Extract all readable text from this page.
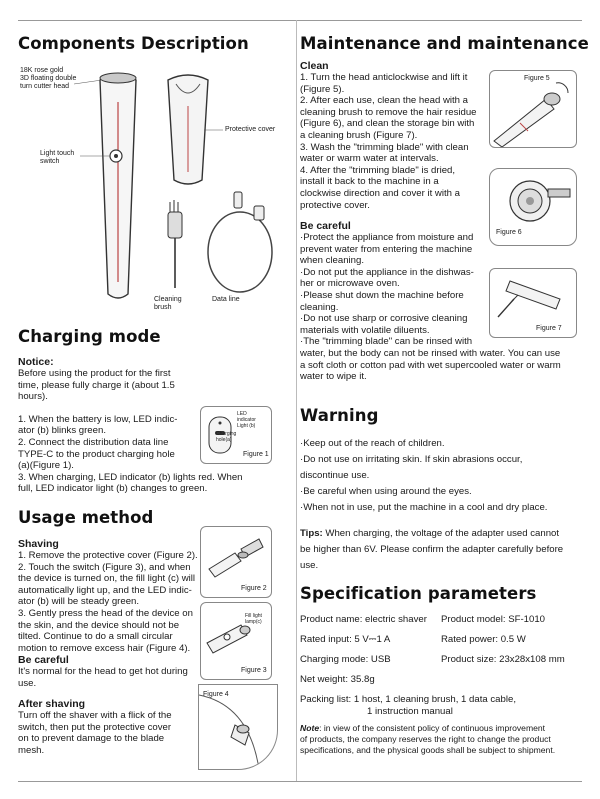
Components Description
18K rose gold
3D floating double
turn cutter head
Protective cover
Light touch
switch
Cleaning
brush
Data line
Charging mode

Notice:

Before using the product for the first

time, please fully charge it (about 1.5

hours).

1. When the battery is low, LED indic-

ator (b) blinks green.

2. Connect the distribution data line

TYPE-C to the product charging hole

(a)(Figure 1).

3. When charging, LED indicator (b) lights red. When

full, LED indicator light (b) changes to green.

LED
indicator
Light (b)
Charging
hole(a)
Figure 1
Usage method

Shaving

1. Remove the protective cover (Figure 2).

2. Touch the switch (Figure 3), and when

the device is turned on, the fill light (c) will

automatically light up, and the LED indic-

ator (b) will be steady green.

3. Gently press the head of the device on

the skin, and the device should not be

tilted. Continue to do a small circular

motion to remove excess hair (Figure 4).

Be careful

It's normal for the head to get hot during

use.

After shaving

Turn off the shaver with a flick of the

switch, then put the protective cover

on to prevent damage to the blade

mesh.

Figure 2
Fill light
lamp(c)
Figure 3
Figure 4
Maintenance and maintenance

Clean

1. Turn the head anticlockwise and lift it

(Figure 5).

2. After each use, clean the head with a

cleaning brush to remove the hair residue

(Figure 6), and clean the storage bin with

a cleaning brush (Figure 7).

3. Wash the "trimming blade" with clean

water or warm water at intervals.

4. After the "trimming blade" is dried,

install it back to the machine in a

clockwise direction and cover it with a

protective cover.

Be careful

·Protect the appliance from moisture and

prevent water from entering the machine

when cleaning.

·Do not put the appliance in the dishwas-

her or microwave oven.

·Please shut down the machine before

cleaning.

·Do not use sharp or corrosive cleaning

materials with volatile diluents.

·The "trimming blade" can be rinsed with

water, but the body can not be rinsed with water. You can use

a soft cloth or cotton pad with wet supercooled water or warm

water to wipe it.

Figure 5
Figure 6
Figure 7
Warning

·Keep out of the reach of children.

·Do not use on irritating skin. If skin abrasions occur,

discontinue use.

·Be careful when using around the eyes.

·When not in use, put the machine in a cool and dry place.

Tips: When charging, the voltage of the adapter used cannot

be higher than 6V. Please confirm the adapter carefully before

use.

Specification parameters
Product name: electric shaver Product model: SF-1010
Rated input: 5 V⎓1 A	Rated power: 0.5 W
Charging mode: USB	Product size: 23x28x108 mm
Net weight: 35.8g
Packing list: 1 host, 1 cleaning brush, 1 data cable,
1 instruction manual
Note: in view of the consistent policy of continuous improvement
of products, the company reserves the right to change the product
specifications, and the physical goods shall be subject to shipment.
